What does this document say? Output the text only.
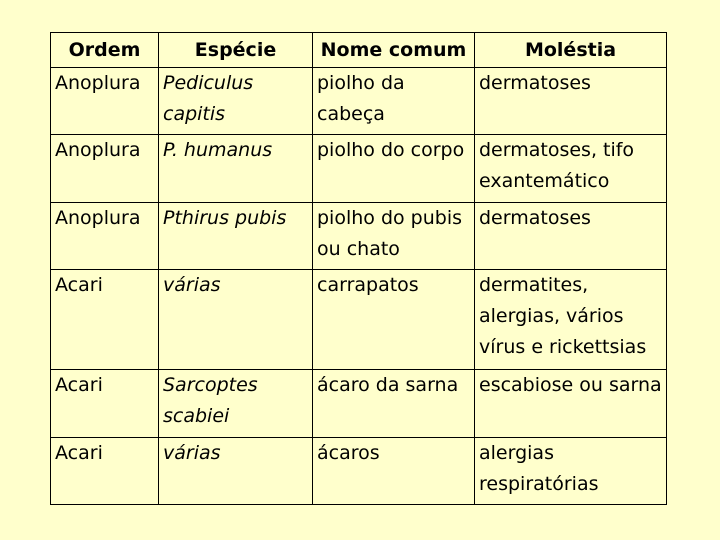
Ordem	Espécie	Nome comum	Moléstia
Anoplura	Pediculus capitis	piolho da cabeça	dermatoses
Anoplura	P. humanus	piolho do corpo	dermatoses, tifo exantemático
Anoplura	Pthirus pubis	piolho do pubis ou chato	dermatoses
Acari	várias	carrapatos	dermatites, alergias, vários vírus e rickettsias
Acari	Sarcoptes scabiei	ácaro da sarna	escabiose ou sarna
Acari	várias	ácaros	alergias respiratórias
